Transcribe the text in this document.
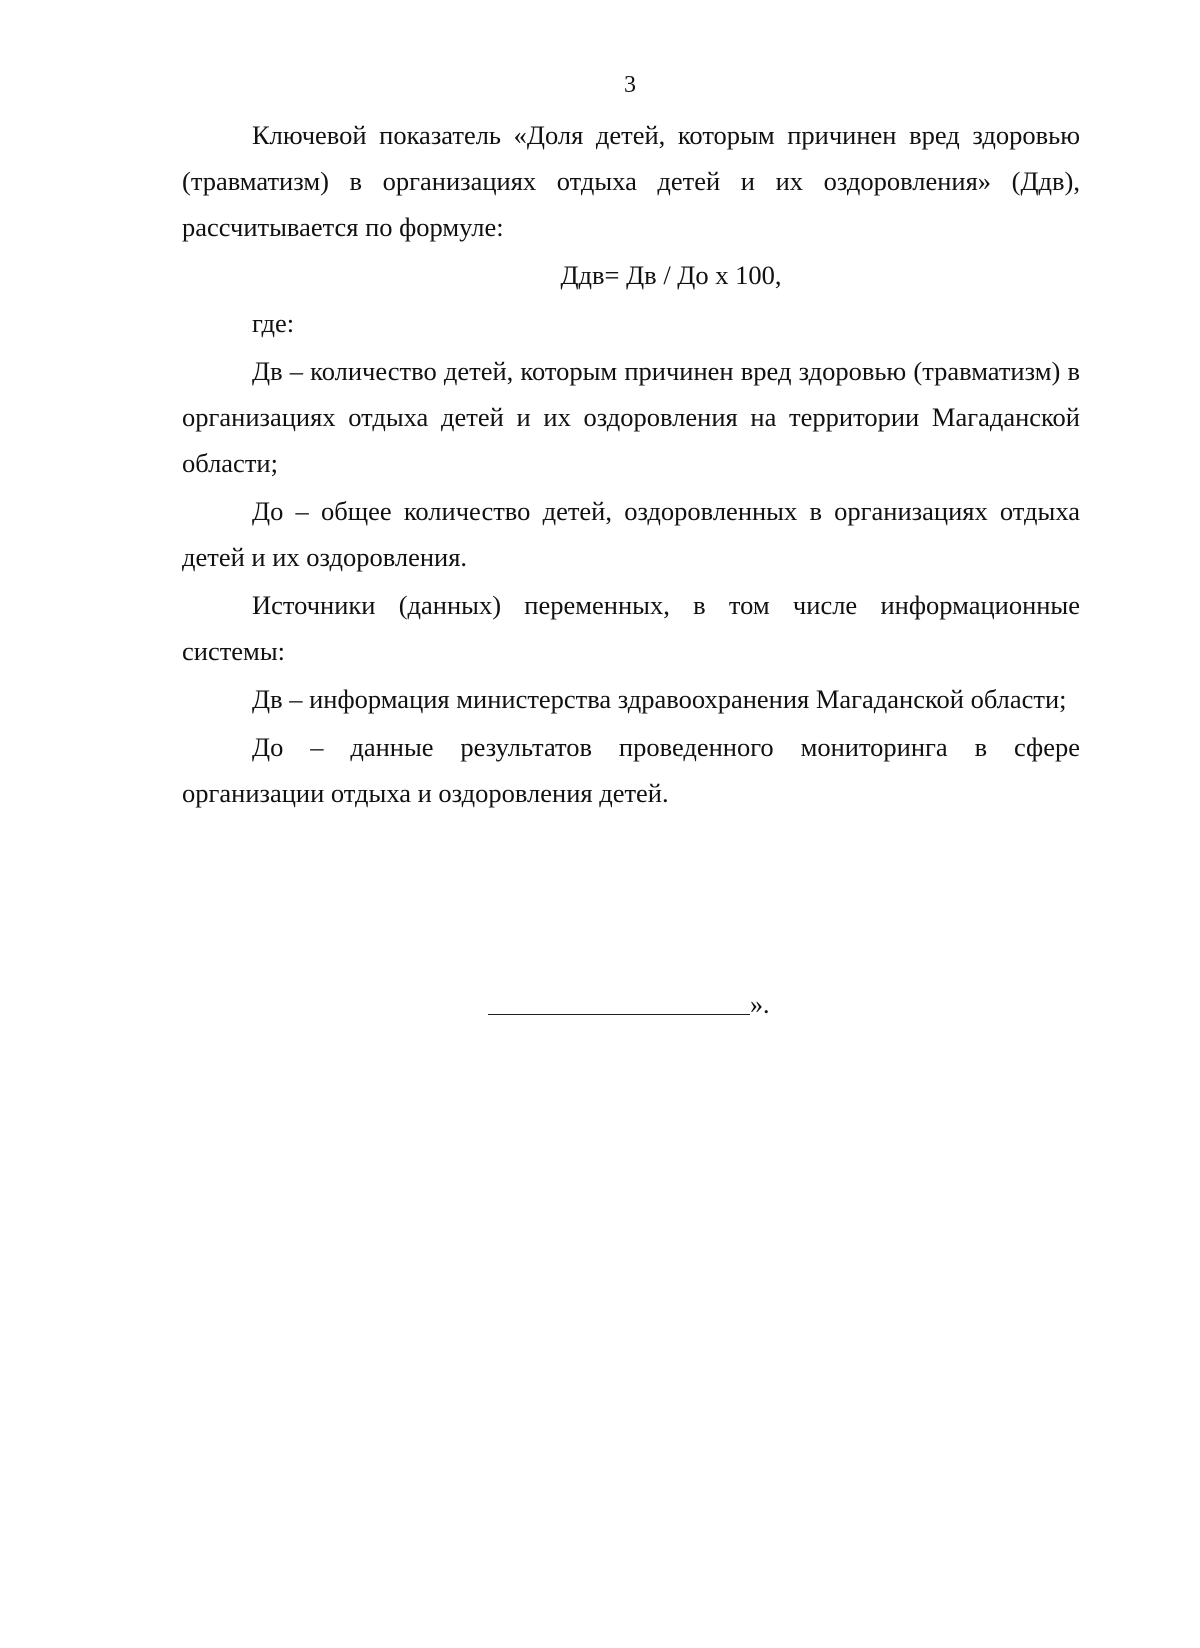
3

Ключевой показатель «Доля детей, которым причинен вред здоровью (травматизм) в организациях отдыха детей и их оздоровления» (Ддв), рассчитывается по формуле:

Ддв= Дв / До х 100,

где:

Дв – количество детей, которым причинен вред здоровью (травматизм) в организациях отдыха детей и их оздоровления на территории Магаданской области;

До – общее количество детей, оздоровленных в организациях отдыха детей и их оздоровления.

Источники (данных) переменных, в том числе информационные системы:

Дв – информация министерства здравоохранения Магаданской области;

До – данные результатов проведенного мониторинга в сфере организации отдыха и оздоровления детей.

».
